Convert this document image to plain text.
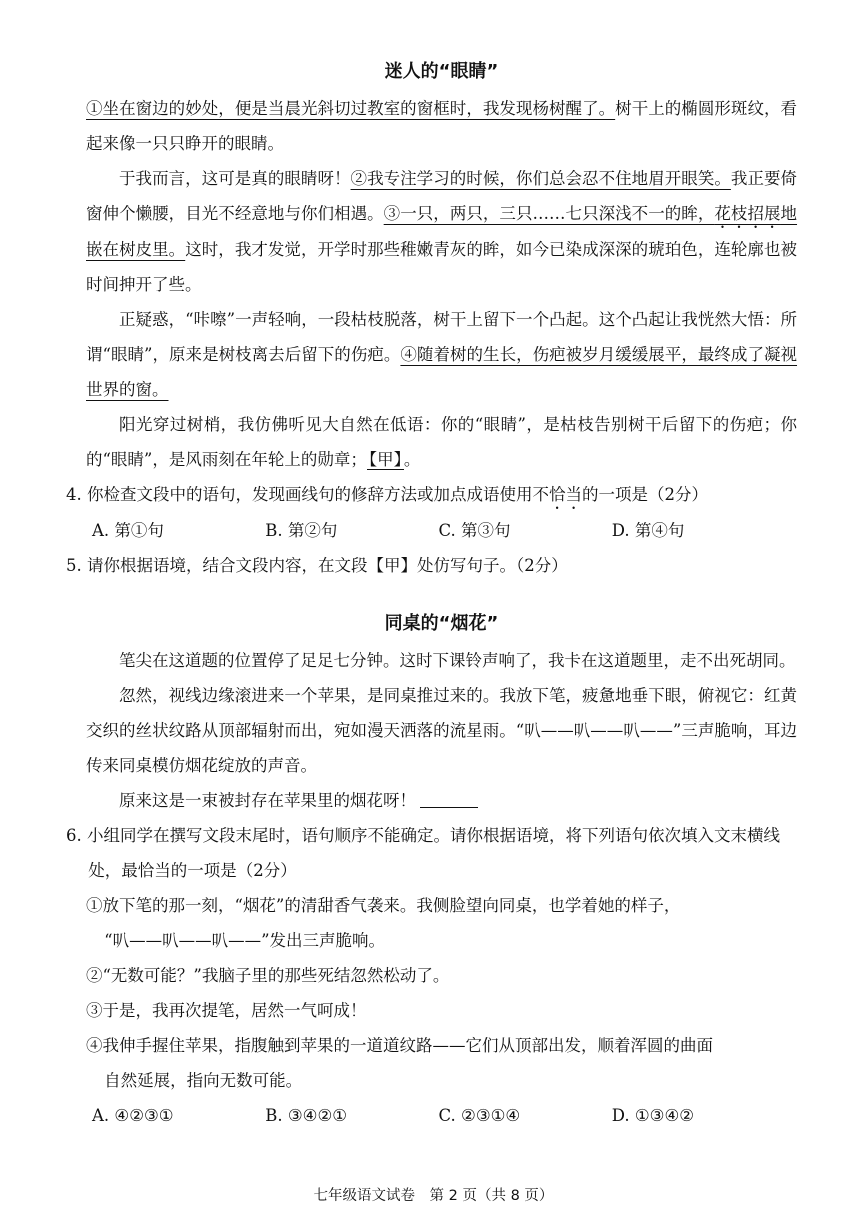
迷人的“眼睛”

①坐在窗边的妙处，便是当晨光斜切过教室的窗框时，我发现杨树醒了。树干上的椭圆形斑纹，看起来像一只只睁开的眼睛。

于我而言，这可是真的眼睛呀！②我专注学习的时候，你们总会忍不住地眉开眼笑。我正要倚窗伸个懒腰，目光不经意地与你们相遇。③一只，两只，三只……七只深浅不一的眸，花枝招展地嵌在树皮里。这时，我才发觉，开学时那些稚嫩青灰的眸，如今已染成深深的琥珀色，连轮廓也被时间抻开了些。

正疑惑，“咔嚓”一声轻响，一段枯枝脱落，树干上留下一个凸起。这个凸起让我恍然大悟：所谓“眼睛”，原来是树枝离去后留下的伤疤。④随着树的生长，伤疤被岁月缓缓展平，最终成了凝视世界的窗。

阳光穿过树梢，我仿佛听见大自然在低语：你的“眼睛”，是枯枝告别树干后留下的伤疤；你的“眼睛”，是风雨刻在年轮上的勋章； 【甲】 。

4. 你检查文段中的语句，发现画线句的修辞方法或加点成语使用不恰当的一项是（2分）
A. 第①句	B. 第②句	C. 第③句	D. 第④句
5. 请你根据语境，结合文段内容，在文段【甲】处仿写句子。（2分）
同桌的“烟花”

笔尖在这道题的位置停了足足七分钟。这时下课铃声响了，我卡在这道题里，走不出死胡同。

忽然，视线边缘滚进来一个苹果，是同桌推过来的。我放下笔，疲惫地垂下眼，俯视它：红黄交织的丝状纹路从顶部辐射而出，宛如漫天洒落的流星雨。“叭——叭——叭——”三声脆响，耳边传来同桌模仿烟花绽放的声音。

原来这是一束被封存在苹果里的烟花呀！

6. 小组同学在撰写文段末尾时，语句顺序不能确定。请你根据语境，将下列语句依次填入文末横线处，最恰当的一项是（2分）
①放下笔的那一刻，“烟花”的清甜香气袭来。我侧脸望向同桌，也学着她的样子，
“叭——叭——叭——”发出三声脆响。
②“无数可能？”我脑子里的那些死结忽然松动了。
③于是，我再次提笔，居然一气呵成！
④我伸手握住苹果，指腹触到苹果的一道道纹路——它们从顶部出发，顺着浑圆的曲面
自然延展，指向无数可能。
A. ④②③①	B. ③④②①	C. ②③①④	D. ①③④②
七年级语文试卷　第 2 页（共 8 页）
